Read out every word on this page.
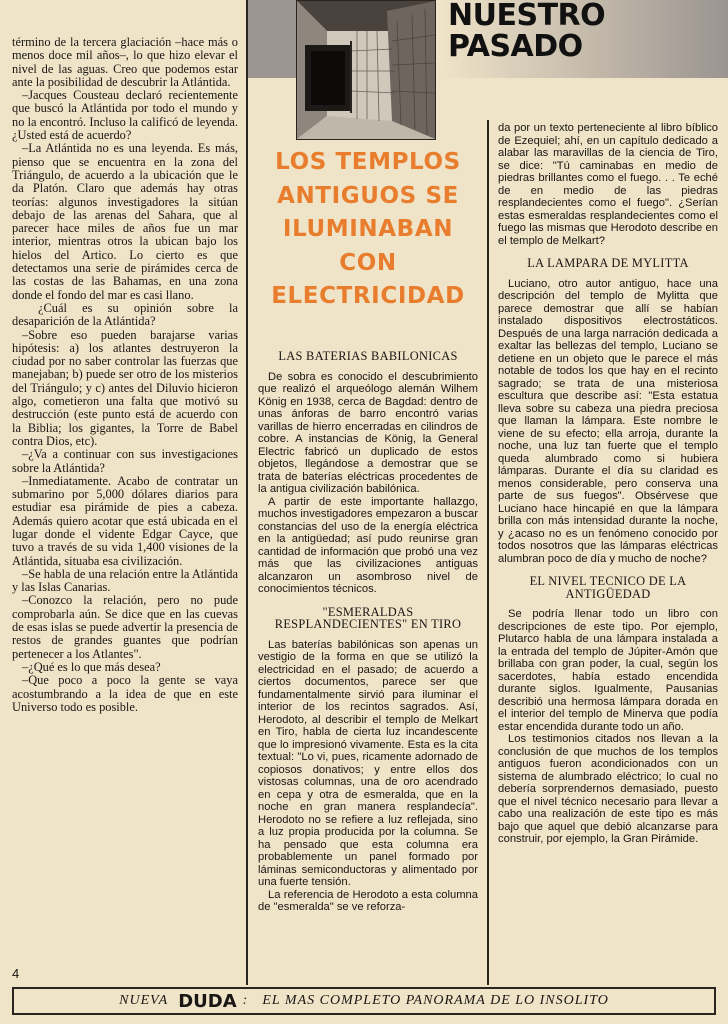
NUESTRO
PASADO
LOS TEMPLOS
ANTIGUOS SE
ILUMINABAN
CON
ELECTRICIDAD

término de la tercera glaciación –hace más o menos doce mil años–, lo que hizo elevar el nivel de las aguas. Creo que podemos estar ante la posibilidad de descubrir la Atlántida.

–Jacques Cousteau declaró recientemente que buscó la Atlántida por todo el mundo y no la encontró. Incluso la calificó de leyenda. ¿Usted está de acuerdo?

–La Atlántida no es una leyenda. Es más, pienso que se encuentra en la zona del Triángulo, de acuerdo a la ubicación que le da Platón. Claro que además hay otras teorías: algunos investigadores la sitúan debajo de las arenas del Sahara, que al parecer hace miles de años fue un mar interior, mientras otros la ubican bajo los hielos del Artico. Lo cierto es que detectamos una serie de pirámides cerca de las costas de las Bahamas, en una zona donde el fondo del mar es casi llano.

¿Cuál es su opinión sobre la desaparición de la Atlántida?

–Sobre eso pueden barajarse varias hipótesis: a) los atlantes destruyeron la ciudad por no saber controlar las fuerzas que manejaban; b) puede ser otro de los misterios del Triángulo; y c) antes del Diluvio hicieron algo, cometieron una falta que motivó su destrucción (este punto está de acuerdo con la Biblia; los gigantes, la Torre de Babel contra Dios, etc).

–¿Va a continuar con sus investigaciones sobre la Atlántida?

–Inmediatamente. Acabo de contratar un submarino por 5,000 dólares diarios para estudiar esa pirámide de pies a cabeza. Además quiero acotar que está ubicada en el lugar donde el vidente Edgar Cayce, que tuvo a través de su vida 1,400 visiones de la Atlántida, situaba esa civilización.

–Se habla de una relación entre la Atlántida y las Islas Canarias.

–Conozco la relación, pero no pude comprobarla aún. Se dice que en las cuevas de esas islas se puede advertir la presencia de restos de grandes guantes que podrían pertenecer a los Atlantes".

–¿Qué es lo que más desea?

–Que poco a poco la gente se vaya acostumbrando a la idea de que en este Universo todo es posible.

LAS BATERIAS BABILONICAS

De sobra es conocido el descubrimiento que realizó el arqueólogo alemán Wilhem König en 1938, cerca de Bagdad: dentro de unas ánforas de barro encontró varias varillas de hierro encerradas en cilindros de cobre. A instancias de König, la General Electric fabricó un duplicado de estos objetos, llegándose a demostrar que se trata de baterías eléctricas procedentes de la antigua civilización babilónica.

A partir de este importante hallazgo, muchos investigadores empezaron a buscar constancias del uso de la energía eléctrica en la antigüedad; así pudo reunirse gran cantidad de información que probó una vez más que las civilizaciones antiguas alcanzaron un asombroso nivel de conocimientos técnicos.

"ESMERALDAS RESPLANDECIENTES" EN TIRO

Las baterías babilónicas son apenas un vestigio de la forma en que se utilizó la electricidad en el pasado; de acuerdo a ciertos documentos, parece ser que fundamentalmente sirvió para iluminar el interior de los recintos sagrados. Así, Herodoto, al describir el templo de Melkart en Tiro, habla de cierta luz incandescente que lo impresionó vivamente. Esta es la cita textual: "Lo vi, pues, ricamente adornado de copiosos donativos; y entre ellos dos vistosas columnas, una de oro acendrado en cepa y otra de esmeralda, que en la noche en gran manera resplandecía". Herodoto no se refiere a luz reflejada, sino a luz propia producida por la columna. Se ha pensado que esta columna era probablemente un panel formado por láminas semiconductoras y alimentado por una fuerte tensión.

La referencia de Herodoto a esta columna de "esmeralda" se ve reforza-

da por un texto perteneciente al libro bíblico de Ezequiel; ahí, en un capítulo dedicado a alabar las maravillas de la ciencia de Tiro, se dice: "Tú caminabas en medio de piedras brillantes como el fuego. . . Te eché de en medio de las piedras resplandecientes como el fuego". ¿Serían estas esmeraldas resplandecientes como el fuego las mismas que Herodoto describe en el templo de Melkart?

LA LAMPARA DE MYLITTA

Luciano, otro autor antiguo, hace una descripción del templo de Mylitta que parece demostrar que allí se habían instalado dispositivos electrostáticos. Después de una larga narración dedicada a exaltar las bellezas del templo, Luciano se detiene en un objeto que le parece el más notable de todos los que hay en el recinto sagrado; se trata de una misteriosa escultura que describe así: "Esta estatua lleva sobre su cabeza una piedra preciosa que llaman la lámpara. Este nombre le viene de su efecto; ella arroja, durante la noche, una luz tan fuerte que el templo queda alumbrado como si hubiera lámparas. Durante el día su claridad es menos considerable, pero conserva una parte de sus fuegos". Obsérvese que Luciano hace hincapié en que la lámpara brilla con más intensidad durante la noche, y ¿acaso no es un fenómeno conocido por todos nosotros que las lámparas eléctricas alumbran poco de día y mucho de noche?

EL NIVEL TECNICO DE LA ANTIGÜEDAD

Se podría llenar todo un libro con descripciones de este tipo. Por ejemplo, Plutarco habla de una lámpara instalada a la entrada del templo de Júpiter-Amón que brillaba con gran poder, la cual, según los sacerdotes, había estado encendida durante siglos. Igualmente, Pausanias describió una hermosa lámpara dorada en el interior del templo de Minerva que podía estar encendida durante todo un año.

Los testimonios citados nos llevan a la conclusión de que muchos de los templos antiguos fueron acondicionados con un sistema de alumbrado eléctrico; lo cual no debería sorprendernos demasiado, puesto que el nivel técnico necesario para llevar a cabo una realización de este tipo es más bajo que aquel que debió alcanzarse para construir, por ejemplo, la Gran Pirámide.

4
NUEVA DUDA : EL MAS COMPLETO PANORAMA DE LO INSOLITO
